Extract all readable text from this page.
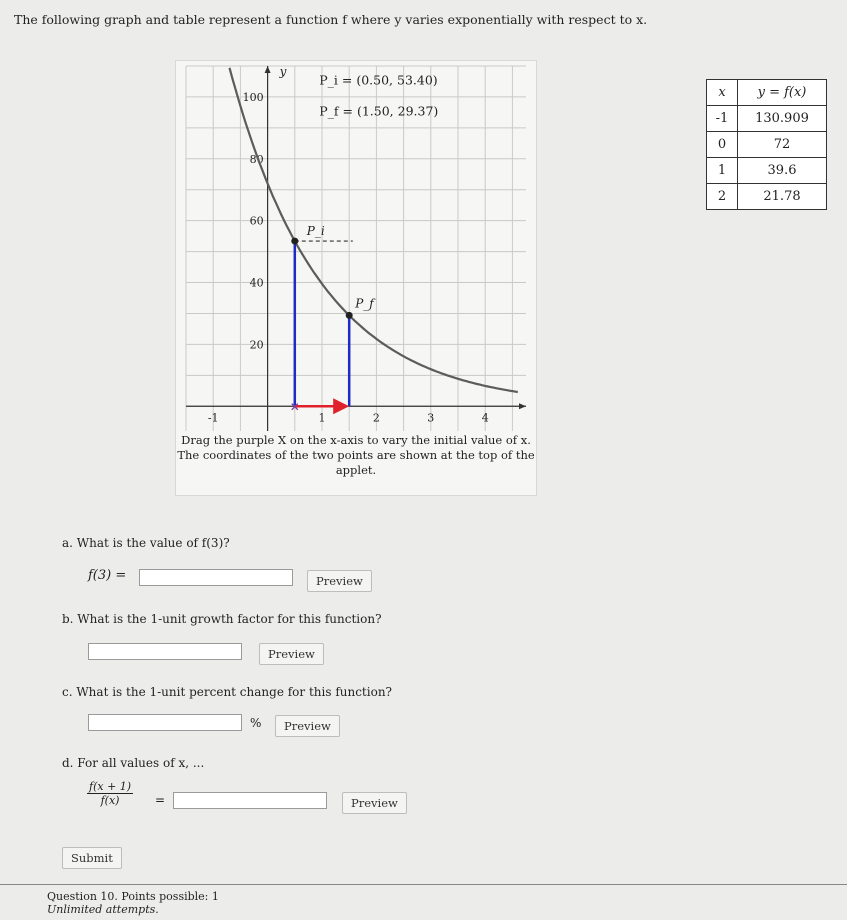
The following graph and table represent a function f where y varies exponentially with respect to x.
y
20
40
60
80
100
-1	1	2	3	4
P_i
P_f
×
P_i = (0.50, 53.40)
P_f = (1.50, 29.37)
Drag the purple X on the x-axis to vary the initial value of x. The coordinates of the two points are shown at the top of the applet.
x	y = f(x)
-1	130.909
0	72
1	39.6
2	21.78
a. What is the value of f(3)?
f(3) =	Preview
b. What is the 1-unit growth factor for this function?
Preview
c. What is the 1-unit percent change for this function?
%	Preview
d. For all values of x, ...
$\frac{f(x + 1)}{f(x)}$ =	Preview
Submit
Question 10. Points possible: 1
Unlimited attempts.
